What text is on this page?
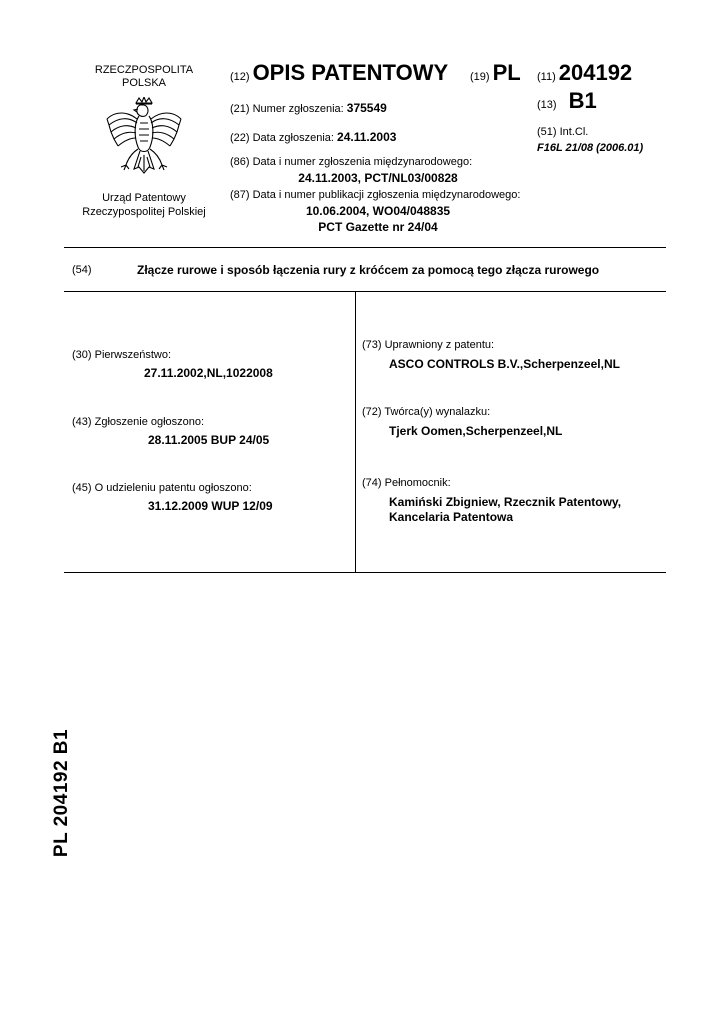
RZECZPOSPOLITA
POLSKA
Urząd Patentowy
Rzeczypospolitej Polskiej
(12) OPIS PATENTOWY (19) PL
(21) Numer zgłoszenia: 375549
(22) Data zgłoszenia: 24.11.2003
(86) Data i numer zgłoszenia międzynarodowego:
24.11.2003, PCT/NL03/00828
(87) Data i numer publikacji zgłoszenia międzynarodowego:
10.06.2004, WO04/048835
PCT Gazette nr 24/04
(11) 204192
(13) B1
(51) Int.Cl.
F16L 21/08 (2006.01)
(54)	Złącze rurowe i sposób łączenia rury z króćcem za pomocą tego złącza rurowego
(30) Pierwszeństwo:
27.11.2002,NL,1022008
(43) Zgłoszenie ogłoszono:
28.11.2005 BUP 24/05
(45) O udzieleniu patentu ogłoszono:
31.12.2009 WUP 12/09
(73) Uprawniony z patentu:
ASCO CONTROLS B.V.,Scherpenzeel,NL
(72) Twórca(y) wynalazku:
Tjerk Oomen,Scherpenzeel,NL
(74) Pełnomocnik:
Kamiński Zbigniew, Rzecznik Patentowy,
Kancelaria Patentowa
PL 204192 B1
